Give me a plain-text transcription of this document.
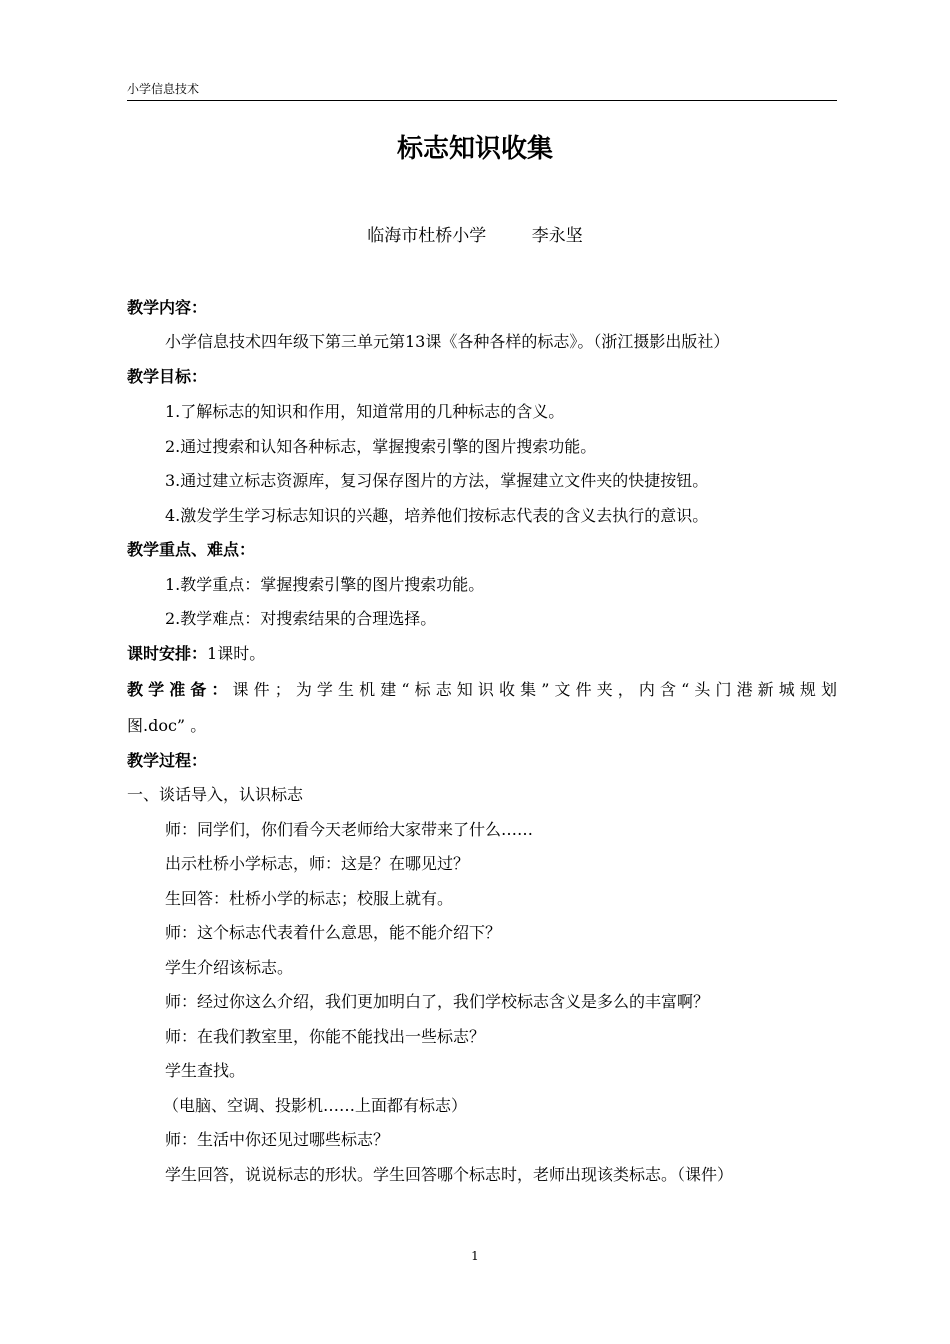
小学信息技术
标志知识收集
临海市杜桥小学	李永坚
教学内容：
小学信息技术四年级下第三单元第13课《各种各样的标志》。（浙江摄影出版社）
教学目标：
1.了解标志的知识和作用，知道常用的几种标志的含义。
2.通过搜索和认知各种标志，掌握搜索引擎的图片搜索功能。
3.通过建立标志资源库，复习保存图片的方法，掌握建立文件夹的快捷按钮。
4.激发学生学习标志知识的兴趣，培养他们按标志代表的含义去执行的意识。
教学重点、难点：
1.教学重点：掌握搜索引擎的图片搜索功能。
2.教学难点：对搜索结果的合理选择。
课时安排：1课时。
教学准备：课件；为学生机建“标志知识收集”文件夹，内含“头门港新城规划
图.doc” 。
教学过程：
一、谈话导入，认识标志
师：同学们，你们看今天老师给大家带来了什么……
出示杜桥小学标志，师：这是？在哪见过？
生回答：杜桥小学的标志；校服上就有。
师：这个标志代表着什么意思，能不能介绍下？
学生介绍该标志。
师：经过你这么介绍，我们更加明白了，我们学校标志含义是多么的丰富啊？
师：在我们教室里，你能不能找出一些标志？
学生查找。
（电脑、空调、投影机……上面都有标志）
师：生活中你还见过哪些标志？
学生回答，说说标志的形状。学生回答哪个标志时，老师出现该类标志。（课件）
1
